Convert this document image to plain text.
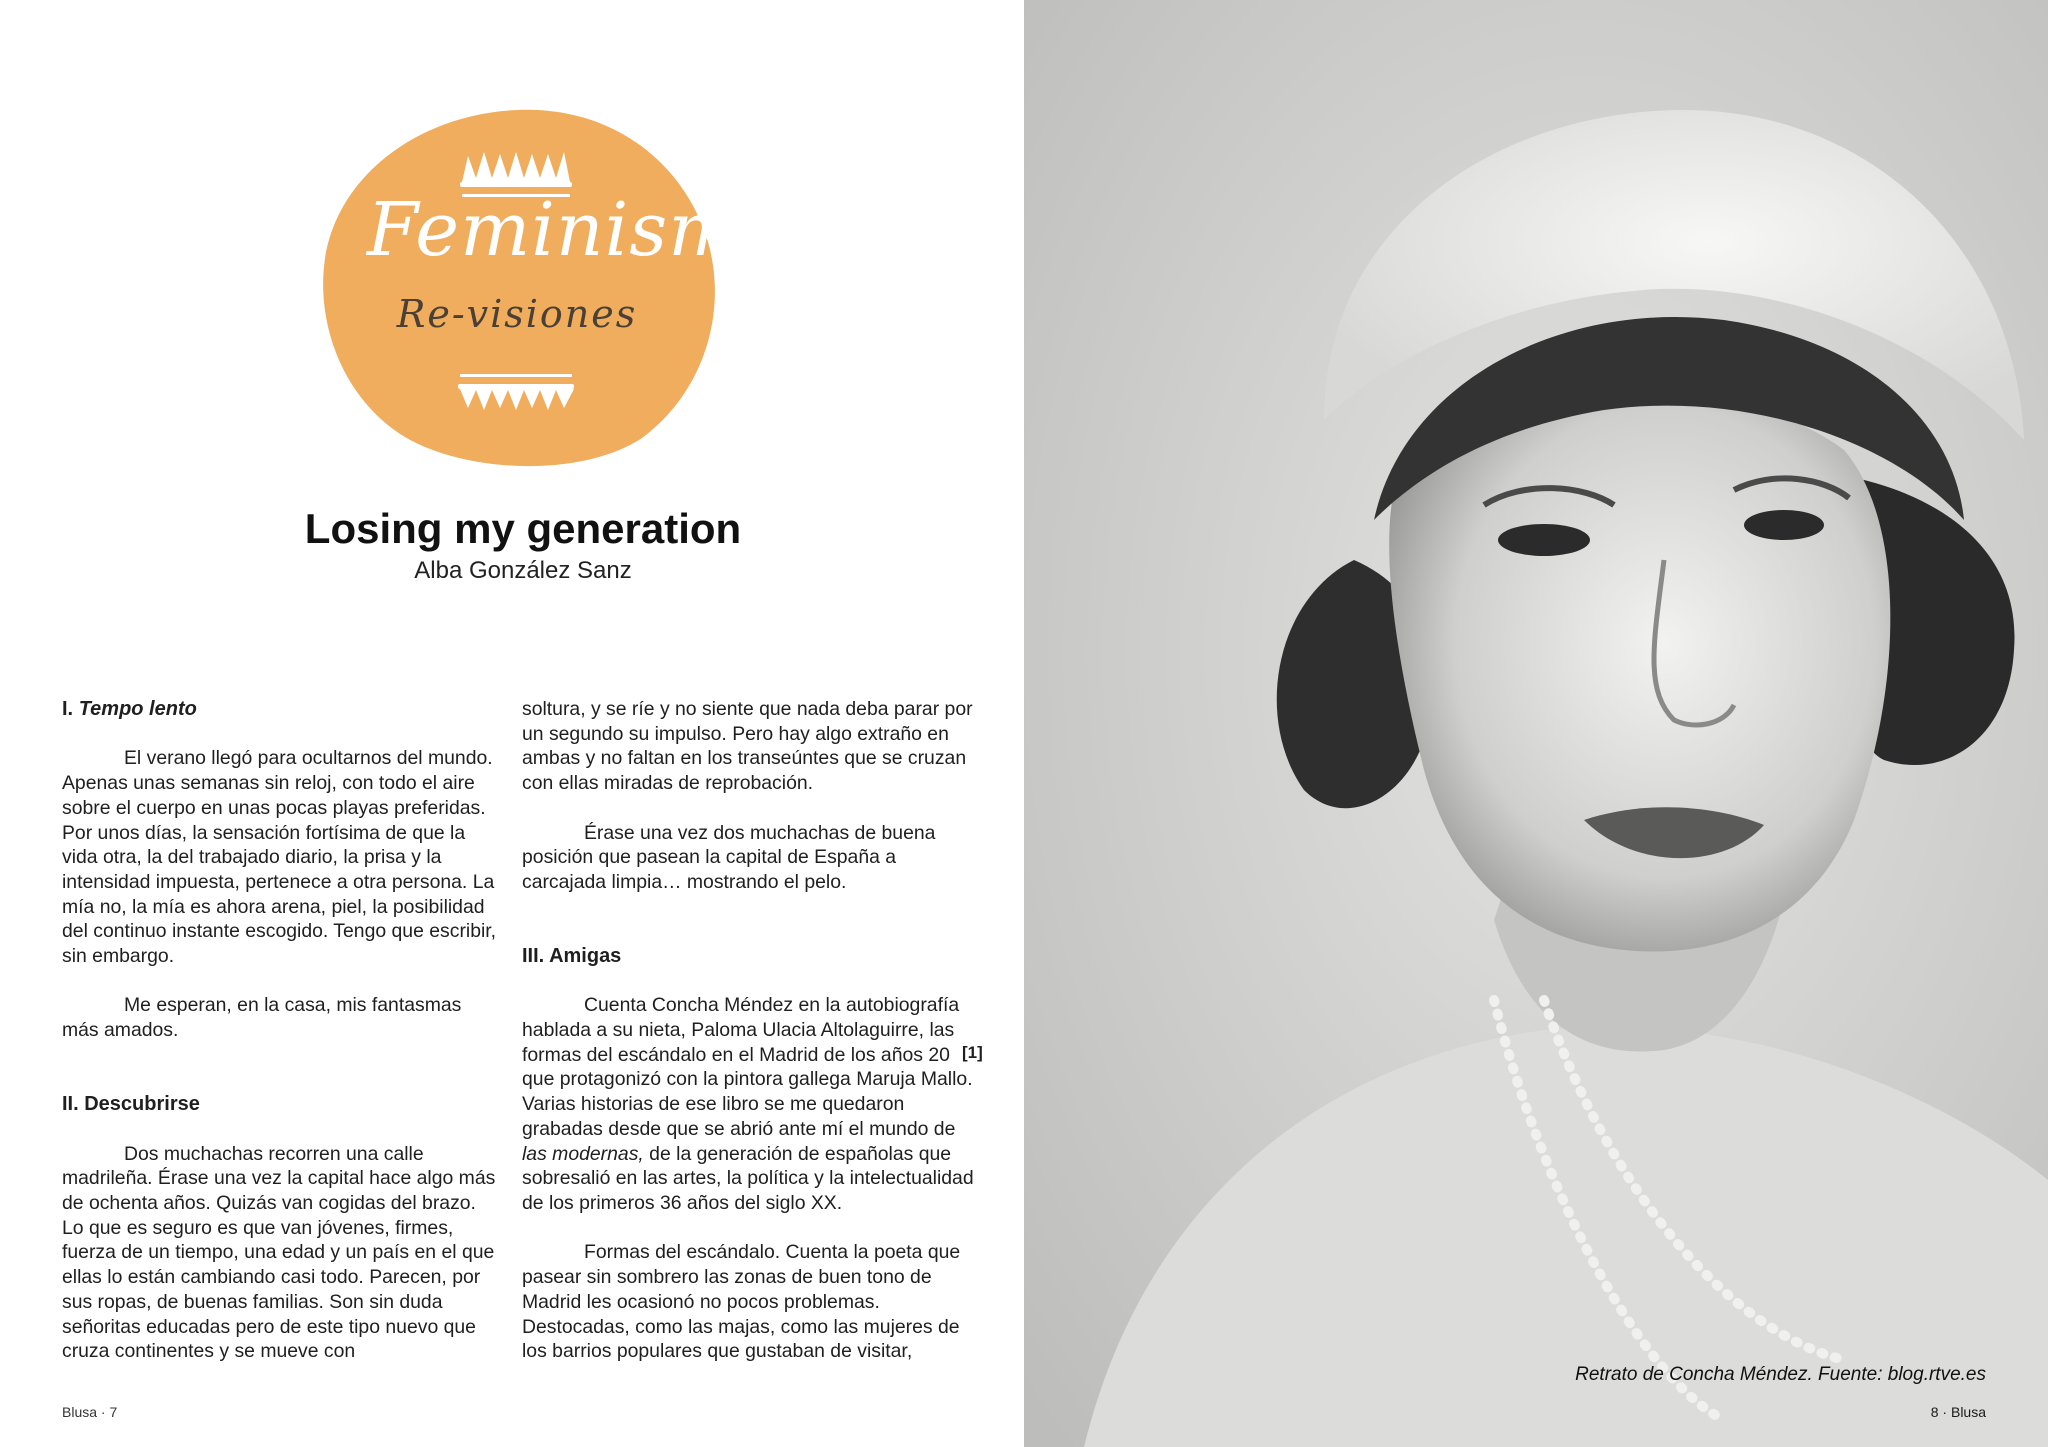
Feminismo
Re-visiones
Losing my generation
Alba González Sanz
I. Tempo lento

El verano llegó para ocultarnos del mundo. Apenas unas semanas sin reloj, con todo el aire sobre el cuerpo en unas pocas playas preferidas. Por unos días, la sensación fortísima de que la vida otra, la del trabajado diario, la prisa y la intensidad impuesta, pertenece a otra persona. La mía no, la mía es ahora arena, piel, la posibilidad del continuo instante escogido. Tengo que escribir, sin embargo.

Me esperan, en la casa, mis fantasmas más amados.

II. Descubrirse

Dos muchachas recorren una calle madrileña. Érase una vez la capital hace algo más de ochenta años. Quizás van cogidas del brazo. Lo que es seguro es que van jóvenes, firmes, fuerza de un tiempo, una edad y un país en el que ellas lo están cambiando casi todo. Parecen, por sus ropas, de buenas familias. Son sin duda señoritas educadas pero de este tipo nuevo que cruza continentes y se mueve con

soltura, y se ríe y no siente que nada deba parar por un segundo su impulso. Pero hay algo extraño en ambas y no faltan en los transeúntes que se cruzan con ellas miradas de reprobación.

Érase una vez dos muchachas de buena posición que pasean la capital de España a carcajada limpia… mostrando el pelo.

III. Amigas

Cuenta Concha Méndez en la autobiografía hablada a su nieta, Paloma Ulacia Altolaguirre, las formas del escándalo en el Madrid de los años 20 que protagonizó con la pintora gallega Maruja Mallo. Varias historias de ese libro se me quedaron grabadas desde que se abrió ante mí el mundo de las modernas, de la generación de españolas que sobresalió en las artes, la política y la intelectualidad de los primeros 36 años del siglo XX.

Formas del escándalo. Cuenta la poeta que pasear sin sombrero las zonas de buen tono de Madrid les ocasionó no pocos problemas. Destocadas, como las majas, como las mujeres de los barrios populares que gustaban de visitar,

[1]
Blusa · 7
Retrato de Concha Méndez. Fuente: blog.rtve.es
8 · Blusa
